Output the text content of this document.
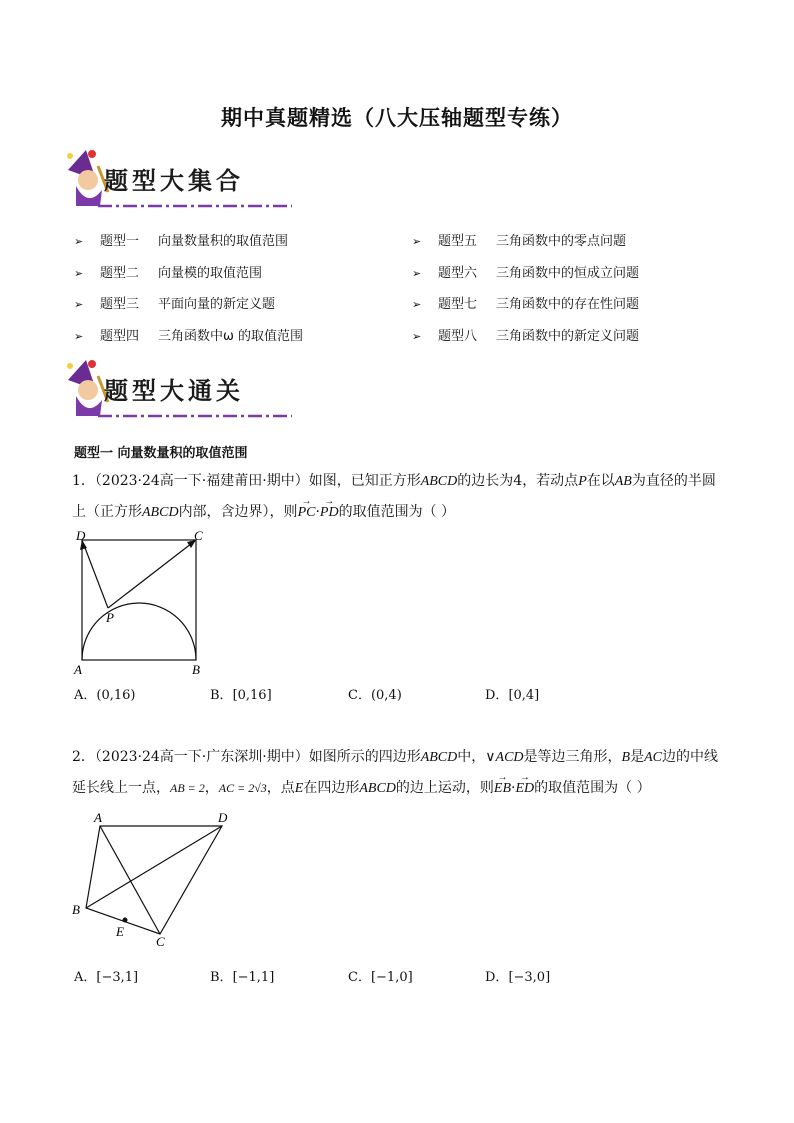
期中真题精选（八大压轴题型专练）
题型大集合
➢ 题型一 向量数量积的取值范围
➢ 题型二 向量模的取值范围
➢ 题型三 平面向量的新定义题
➢ 题型四 三角函数中ω 的取值范围
➢ 题型五 三角函数中的零点问题
➢ 题型六 三角函数中的恒成立问题
➢ 题型七 三角函数中的存在性问题
➢ 题型八 三角函数中的新定义问题
题型大通关
题型一 向量数量积的取值范围
1．（2023·24高一下·福建莆田·期中）如图，已知正方形ABCD的边长为4，若动点P在以AB为直径的半圆
上（正方形ABCD内部，含边界），则→ PC·→ PD的取值范围为（ ）
D	C
A	B
P
A．(0,16)	B．[0,16]	C．(0,4)	D．[0,4]
2．（2023·24高一下·广东深圳·期中）如图所示的四边形ABCD中，∨ACD是等边三角形，B是AC边的中线
延长线上一点，AB = 2，AC = 2√3，点E在四边形ABCD的边上运动，则→ EB·→ ED的取值范围为（ ）
A	D
B
E
C
A．[−3,1]	B．[−1,1]	C．[−1,0]	D．[−3,0]
